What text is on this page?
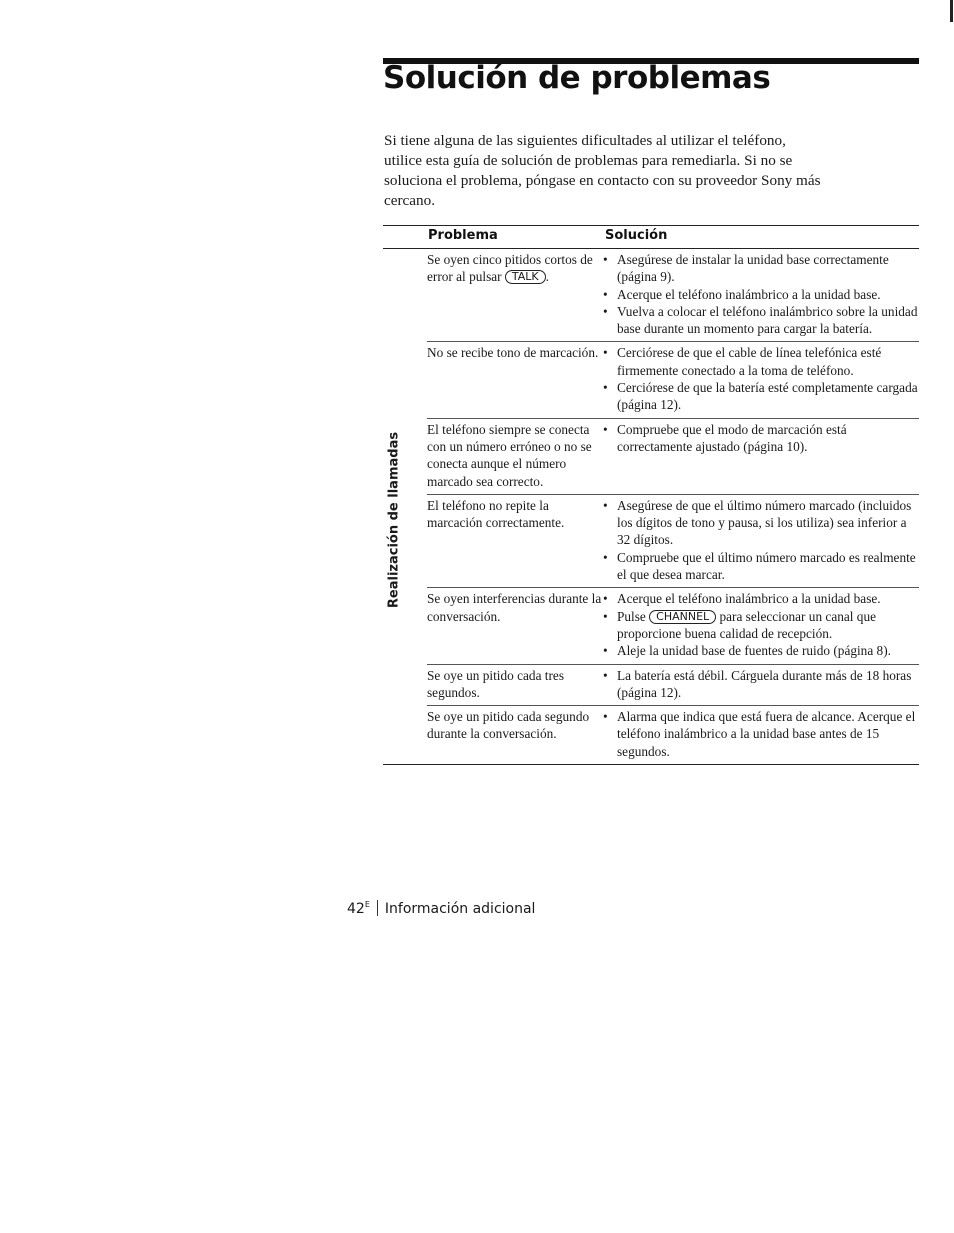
Solución de problemas
Si tiene alguna de las siguientes dificultades al utilizar el teléfono, utilice esta guía de solución de problemas para remediarla. Si no se soluciona el problema, póngase en contacto con su proveedor Sony más cercano.
Realización de llamadas
Problema	Solución
Se oyen cinco pitidos cortos de error al pulsar TALK .
• Asegúrese de instalar la unidad base correctamente (página 9).
• Acerque el teléfono inalámbrico a la unidad base.
• Vuelva a colocar el teléfono inalámbrico sobre la unidad base durante un momento para cargar la batería.
No se recibe tono de marcación. • Cerciórese de que el cable de línea telefónica esté firmemente conectado a la toma de teléfono.
• Cerciórese de que la batería esté completamente cargada (página 12).
El teléfono siempre se conecta con un número erróneo o no se conecta aunque el número marcado sea correcto.
• Compruebe que el modo de marcación está correctamente ajustado (página 10).
El teléfono no repite la marcación correctamente.
• Asegúrese de que el último número marcado (incluidos los dígitos de tono y pausa, si los utiliza) sea inferior a 32 dígitos.
• Compruebe que el último número marcado es realmente el que desea marcar.
Se oyen interferencias durante la conversación.
• Acerque el teléfono inalámbrico a la unidad base.
• Pulse CHANNEL para seleccionar un canal que proporcione buena calidad de recepción.
• Aleje la unidad base de fuentes de ruido (página 8).
Se oye un pitido cada tres segundos.
• La batería está débil. Cárguela durante más de 18 horas (página 12).
Se oye un pitido cada segundo durante la conversación.
• Alarma que indica que está fuera de alcance. Acerque el teléfono inalámbrico a la unidad base antes de 15 segundos.
$42^E$ Información adicional
